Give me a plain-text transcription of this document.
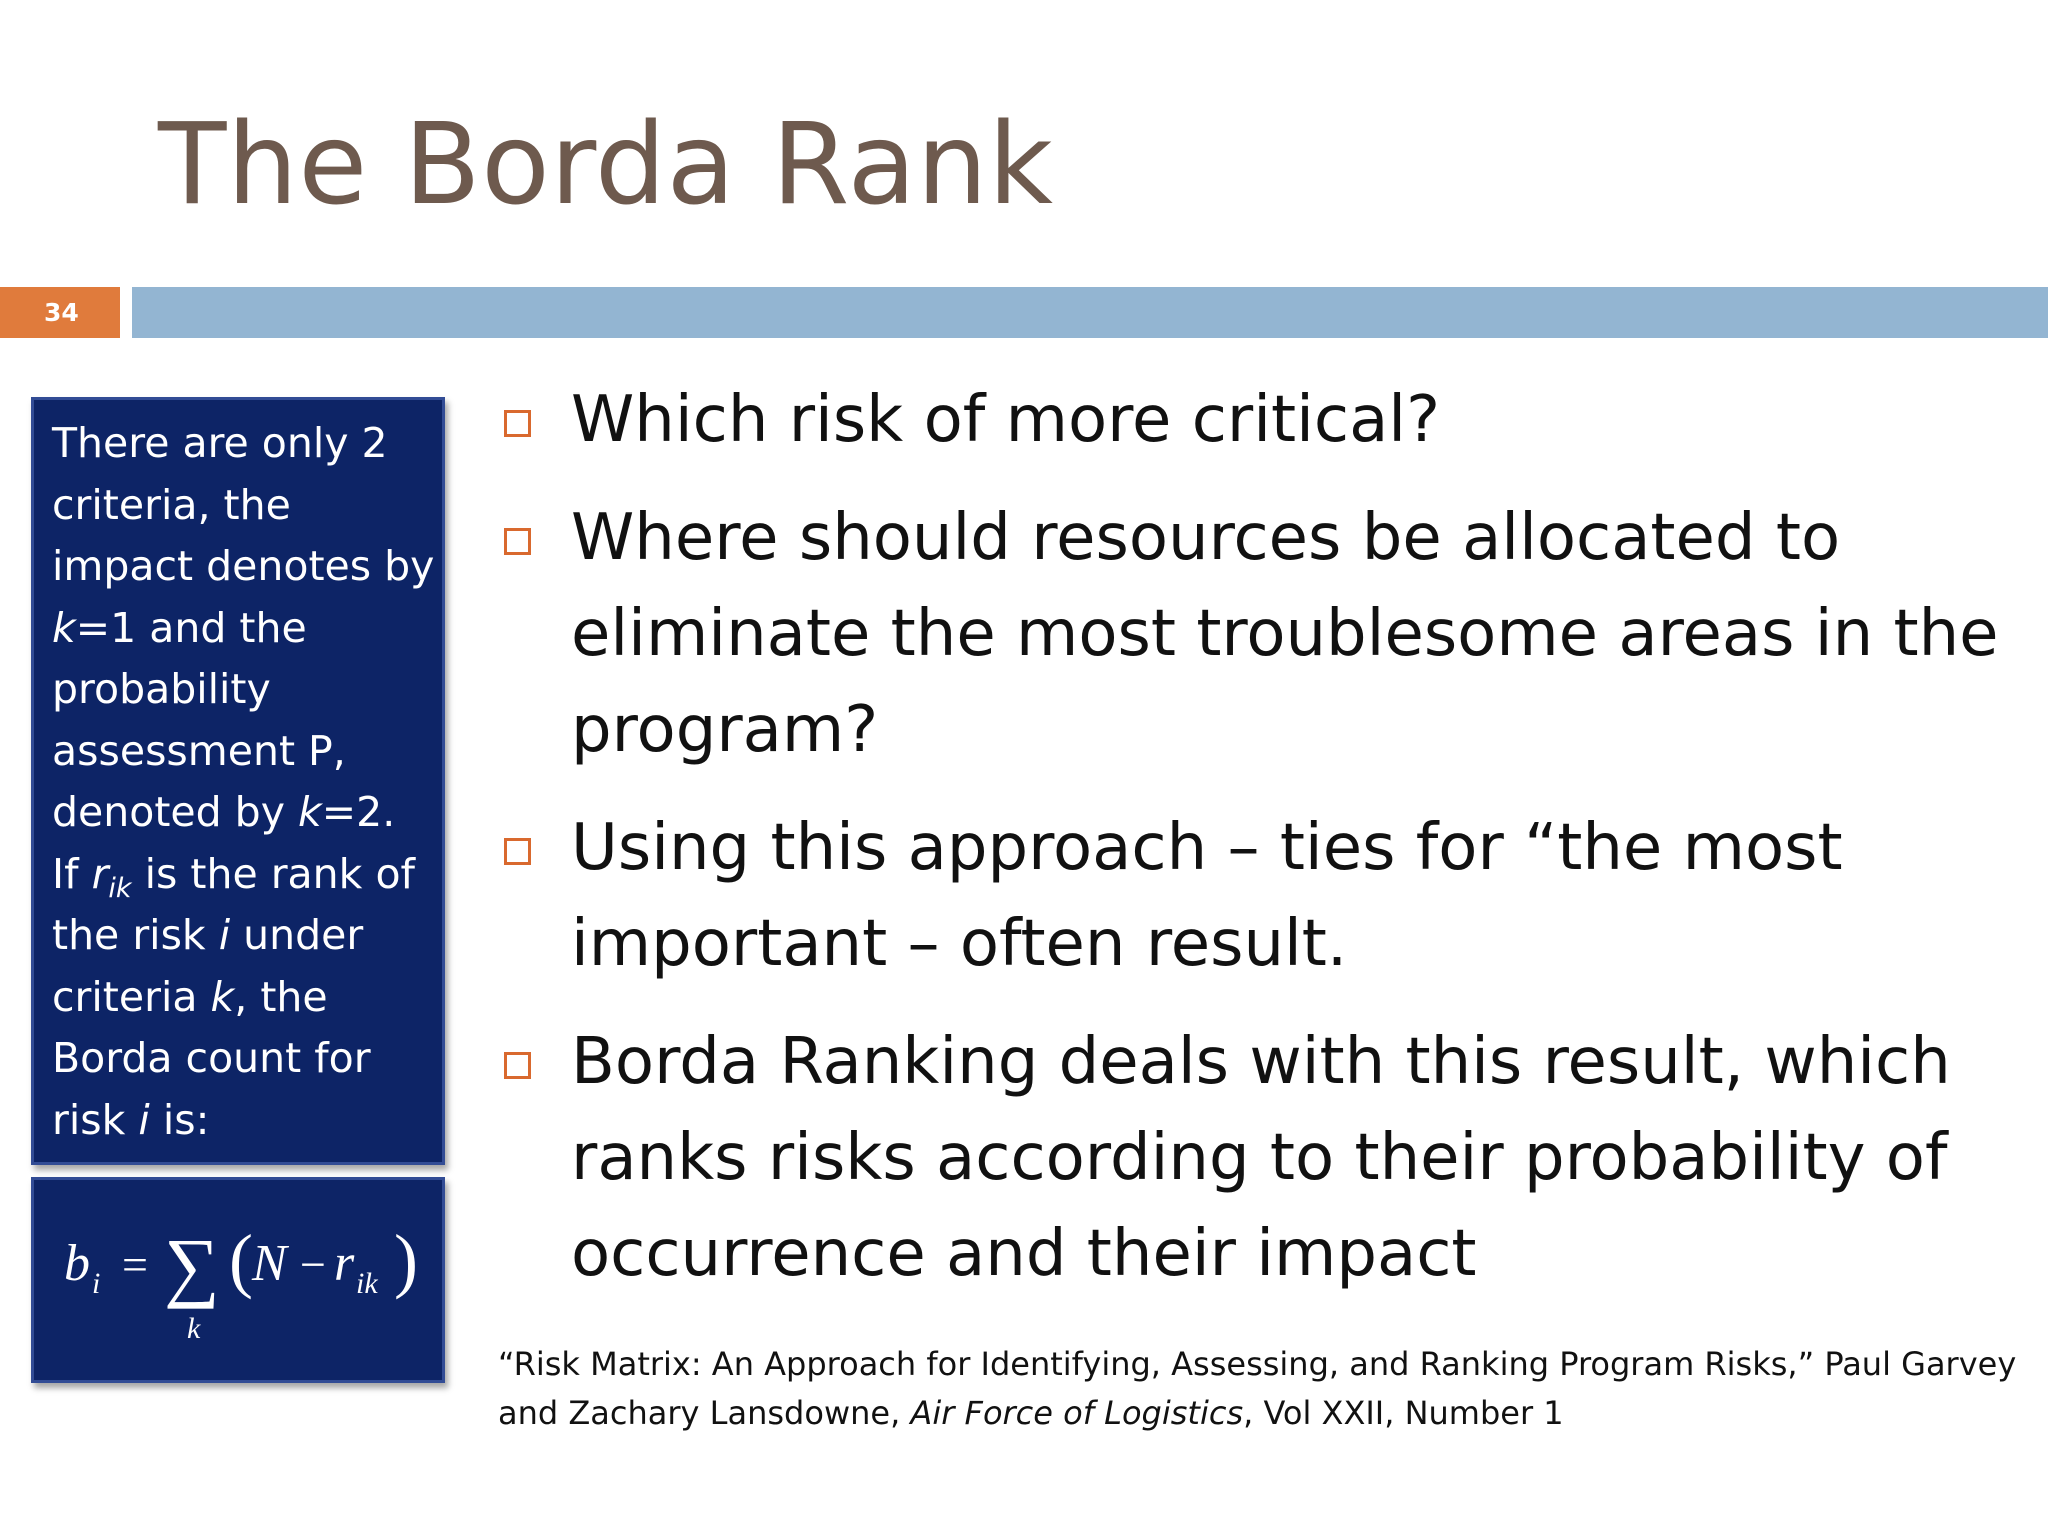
The Borda Rank
34
There are only 2
criteria, the
impact denotes by
k=1 and the
probability
assessment P,
denoted by k=2.
If $r_{ik}$ is the rank of
the risk i under
criteria k, the
Borda count for
risk i is:
b i = ∑
k
( N − r ik )
Which risk of more critical?
Where should resources be allocated to
eliminate the most troublesome areas in the
program?
Using this approach – ties for “the most
important – often result.
Borda Ranking deals with this result, which
ranks risks according to their probability of
occurrence and their impact
“Risk Matrix: An Approach for Identifying, Assessing, and Ranking Program Risks,” Paul Garvey
and Zachary Lansdowne, Air Force of Logistics, Vol XXII, Number 1
